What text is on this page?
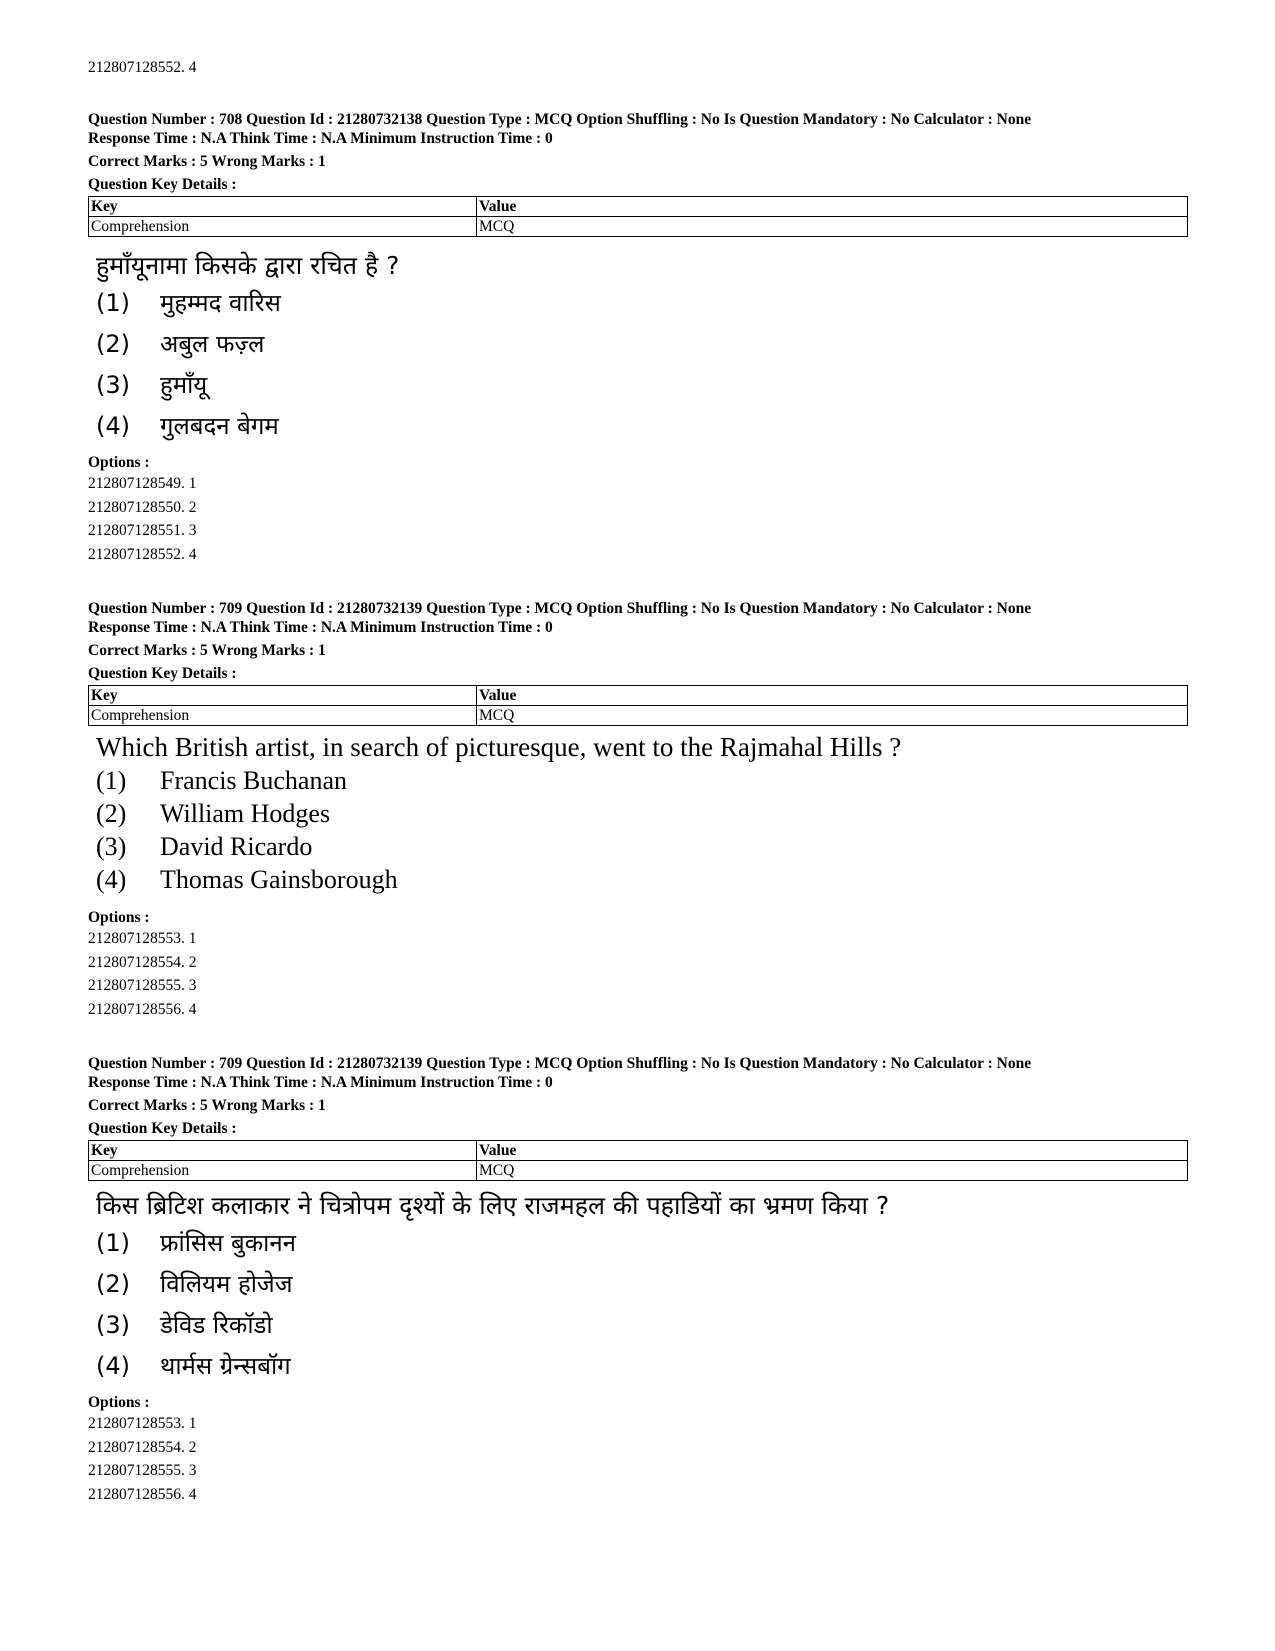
212807128552. 4
Question Number : 708 Question Id : 21280732138 Question Type : MCQ Option Shuffling : No Is Question Mandatory : No Calculator : None
Response Time : N.A Think Time : N.A Minimum Instruction Time : 0
Correct Marks : 5 Wrong Marks : 1
Question Key Details :
Key	Value
Comprehension	MCQ
हुमाँयूनामा किसके द्वारा रचित है ?
(1) मुहम्मद वारिस
(2) अबुल फज़्ल
(3) हुमाँयू
(4) गुलबदन बेगम
Options :
212807128549. 1
212807128550. 2
212807128551. 3
212807128552. 4
Question Number : 709 Question Id : 21280732139 Question Type : MCQ Option Shuffling : No Is Question Mandatory : No Calculator : None
Response Time : N.A Think Time : N.A Minimum Instruction Time : 0
Correct Marks : 5 Wrong Marks : 1
Question Key Details :
Key	Value
Comprehension	MCQ
Which British artist, in search of picturesque, went to the Rajmahal Hills ?
(1) Francis Buchanan
(2) William Hodges
(3) David Ricardo
(4) Thomas Gainsborough
Options :
212807128553. 1
212807128554. 2
212807128555. 3
212807128556. 4
Question Number : 709 Question Id : 21280732139 Question Type : MCQ Option Shuffling : No Is Question Mandatory : No Calculator : None
Response Time : N.A Think Time : N.A Minimum Instruction Time : 0
Correct Marks : 5 Wrong Marks : 1
Question Key Details :
Key	Value
Comprehension	MCQ
किस ब्रिटिश कलाकार ने चित्रोपम दृश्यों के लिए राजमहल की पहाडियों का भ्रमण किया ?
(1) फ्रांसिस बुकानन
(2) विलियम होजेज
(3) डेविड रिकॉडो
(4) थार्मस ग्रेन्सबॉग
Options :
212807128553. 1
212807128554. 2
212807128555. 3
212807128556. 4
